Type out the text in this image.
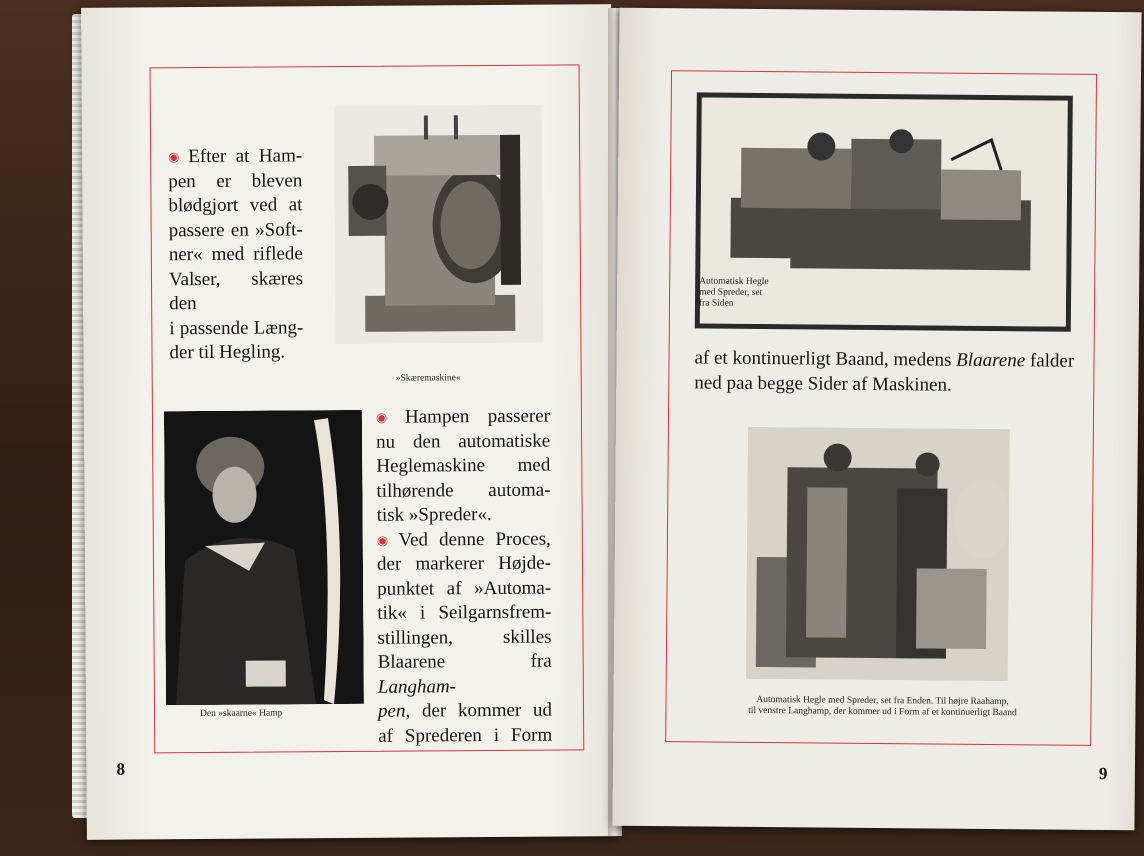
◉ Efter at Ham-
pen er bleven
blødgjort ved at
passere en »Soft-
ner« med riflede
Valser, skæres den
i passende Læng-
der til Hegling.
»Skæremaskine«
Den »skaarne« Hamp
◉ Hampen passerer
nu den automatiske
Heglemaskine med
tilhørende automa-
tisk »Spreder«.
◉ Ved denne Proces,
der markerer Højde-
punktet af »Automa-
tik« i Seilgarnsfrem-
stillingen, skilles
Blaarene fra Langham-
pen, der kommer ud
af Sprederen i Form
8
Automatisk Hegle
med Spreder, set
fra Siden
af et kontinuerligt Baand, medens Blaarene falder
ned paa begge Sider af Maskinen.
Automatisk Hegle med Spreder, set fra Enden. Til højre Raahamp,
til venstre Langhamp, der kommer ud i Form af et kontinuerligt Baand
9
